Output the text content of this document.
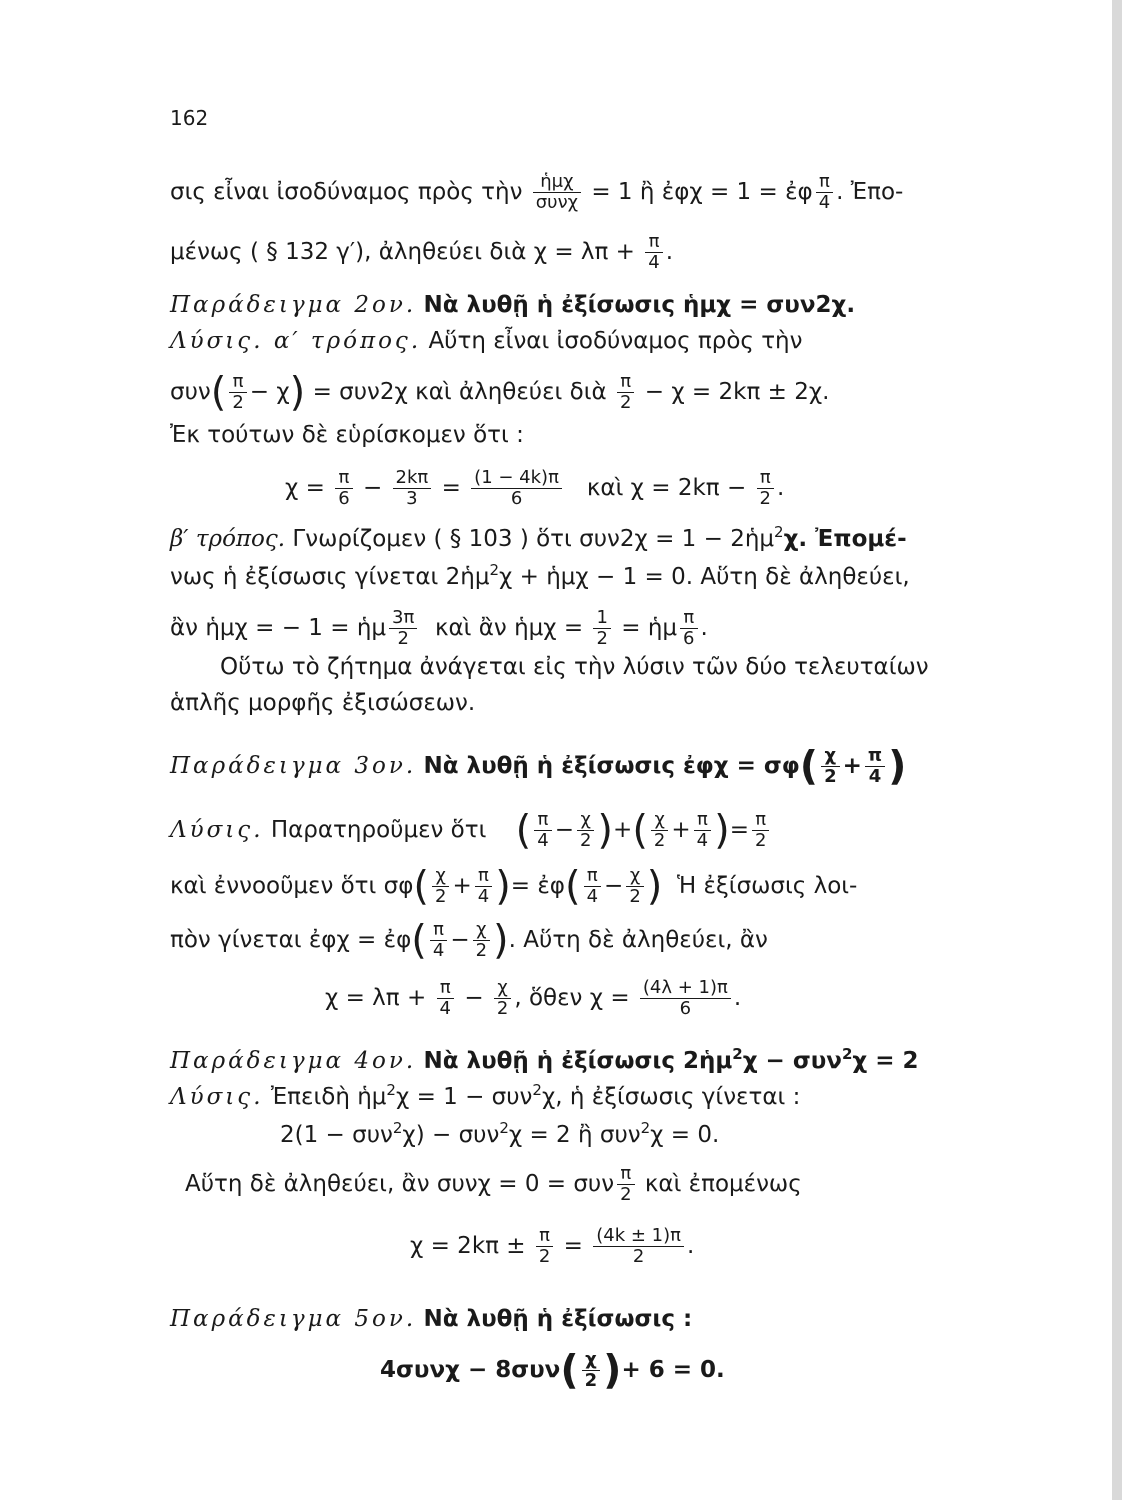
162
σις εἶναι ἰσοδύναμος πρὸς τὴν $\frac{\text{ἡμχ}}{\text{συνχ}} = 1$ ἢ ἐφχ = 1 = ἐφ $\frac{\pi}{4}$ . Ἐπο-
μένως ( § 132 γ′), ἀληθεύει διὰ $\chi = \lambda\pi + \frac{\pi}{4}$ .
Παράδειγμα 2ον. Νὰ λυθῇ ἡ ἐξίσωσις ἡμχ = συν2χ.
Λύσις. α′ τρόπος. Αὕτη εἶναι ἰσοδύναμος πρὸς τὴν
$\sigma\upsilon\nu( \frac{\pi}{2} - \chi) = \sigma\upsilon\nu 2\chi$ καὶ ἀληθεύει διὰ $\frac{\pi}{2} - \chi = 2k\pi \pm 2\chi$.
Ἐκ τούτων δὲ εὑρίσκομεν ὅτι :
$\chi = \frac{\pi}{6} - \frac{2k\pi}{3} = \frac{(1 - 4k)\pi}{6}$ καὶ $\chi = 2k\pi - \frac{\pi}{2}$ .
β′ τρόπος. Γνωρίζομεν ( § 103 ) ὅτι συν2χ = 1 − 2ἡμ$^2$χ. Ἐπομέ-
νως ἡ ἐξίσωσις γίνεται 2ἡμ$^2$χ + ἡμχ − 1 = 0. Αὕτη δὲ ἀληθεύει,
ἂν ἡμχ = − 1 = ἡμ $\frac{3\pi}{2}$ καὶ ἂν ἡμχ = $\frac{1}{2}$ = ἡμ $\frac{\pi}{6}$ .
Οὕτω τὸ ζήτημα ἀνάγεται εἰς τὴν λύσιν τῶν δύο τελευταίων
ἁπλῆς μορφῆς ἐξισώσεων.
Παράδειγμα 3ον. Νὰ λυθῇ ἡ ἐξίσωσις ἐφχ = $\sigma\varphi( \frac{\chi}{2} + \frac{\pi}{4}$ )
Λύσις. Παρατηροῦμεν ὅτι ( $\frac{\pi}{4} - \frac{\chi}{2}$ )+( $\frac{\chi}{2} + \frac{\pi}{4}$ )= $\frac{\pi}{2}$
καὶ ἐννοοῦμεν ὅτι $\sigma\varphi( \frac{\chi}{2} + \frac{\pi}{4}$ )= ἐφ( $\frac{\pi}{4} - \frac{\chi}{2}$ ) Ἡ ἐξίσωσις λοι-
πὸν γίνεται ἐφχ = ἐφ( $\frac{\pi}{4} - \frac{\chi}{2}$ ). Αὕτη δὲ ἀληθεύει, ἂν
$\chi = \lambda\pi + \frac{\pi}{4} - \frac{\chi}{2}$ , ὅθεν $\chi = \frac{(4\lambda + 1)\pi}{6}$ .
Παράδειγμα 4ον. Νὰ λυθῇ ἡ ἐξίσωσις 2ἡμ$^2$χ − συν$^2$χ = 2
Λύσις. Ἐπειδὴ ἡμ$^2$χ = 1 − συν$^2$χ, ἡ ἐξίσωσις γίνεται :
2(1 − συν$^2$χ) − συν$^2$χ = 2 ἢ συν$^2$χ = 0.
Αὕτη δὲ ἀληθεύει, ἂν συνχ = 0 = συν $\frac{\pi}{2}$ καὶ ἐπομένως
$\chi = 2k\pi \pm \frac{\pi}{2} = \frac{(4k \pm 1)\pi}{2}$ .
Παράδειγμα 5ον. Νὰ λυθῇ ἡ ἐξίσωσις :
$4\sigma\upsilon\nu\chi - 8\sigma\upsilon\nu( \frac{\chi}{2}$ )+ 6 = 0.
